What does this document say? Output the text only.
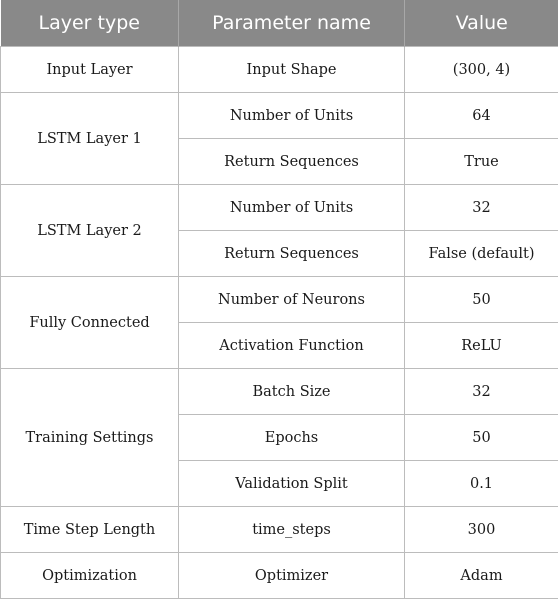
Layer type	Parameter name	Value
Input Layer	Input Shape	(300, 4)
LSTM Layer 1	Number of Units	64
	Return Sequences	True
LSTM Layer 2	Number of Units	32
	Return Sequences	False (default)
Fully Connected	Number of Neurons	50
	Activation Function	ReLU
Training Settings	Batch Size	32
	Epochs	50
	Validation Split	0.1
Time Step Length	time_steps	300
Optimization	Optimizer	Adam
